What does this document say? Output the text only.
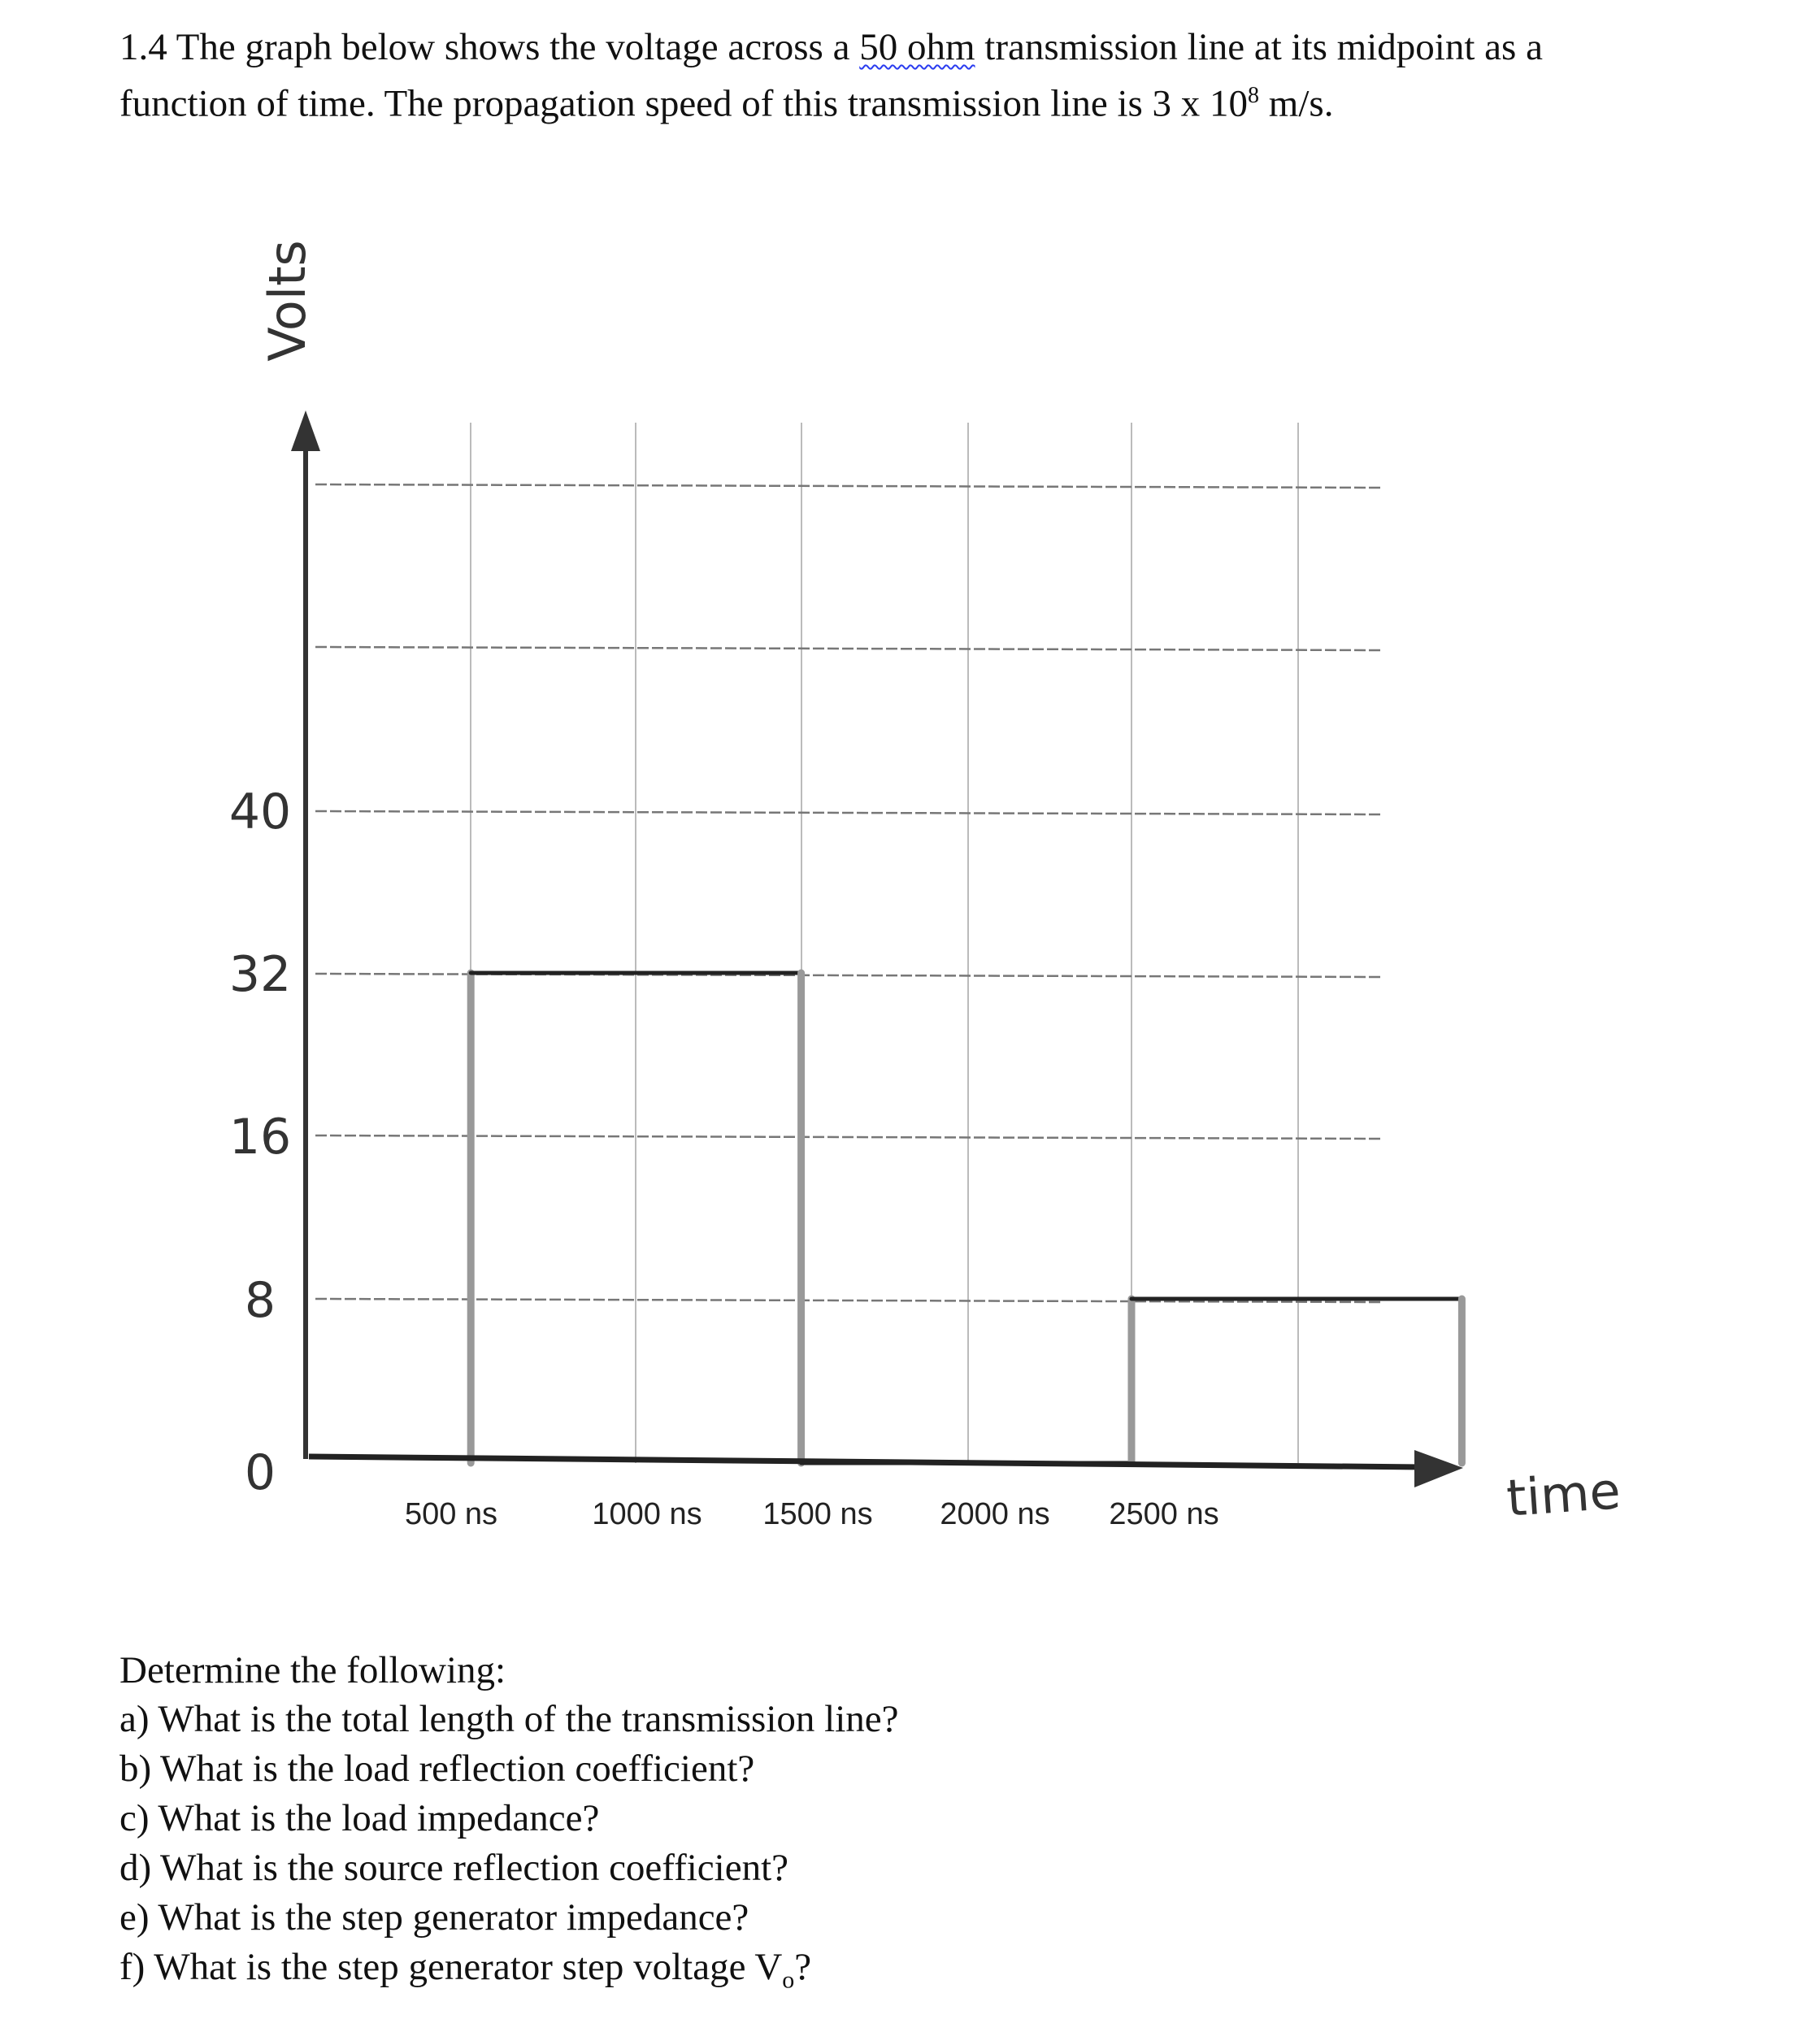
1.4 The graph below shows the voltage across a 50 ohm transmission line at its midpoint as a
function of time. The propagation speed of this transmission line is 3 x $10^8$ m/s.
Volts
time
0
8
16
32
40
500 ns	1000 ns 1500 ns 2000 ns 2500 ns
Determine the following:
a) What is the total length of the transmission line?
b) What is the load reflection coefficient?
c) What is the load impedance?
d) What is the source reflection coefficient?
e) What is the step generator impedance?
f) What is the step generator step voltage $V_o$?
